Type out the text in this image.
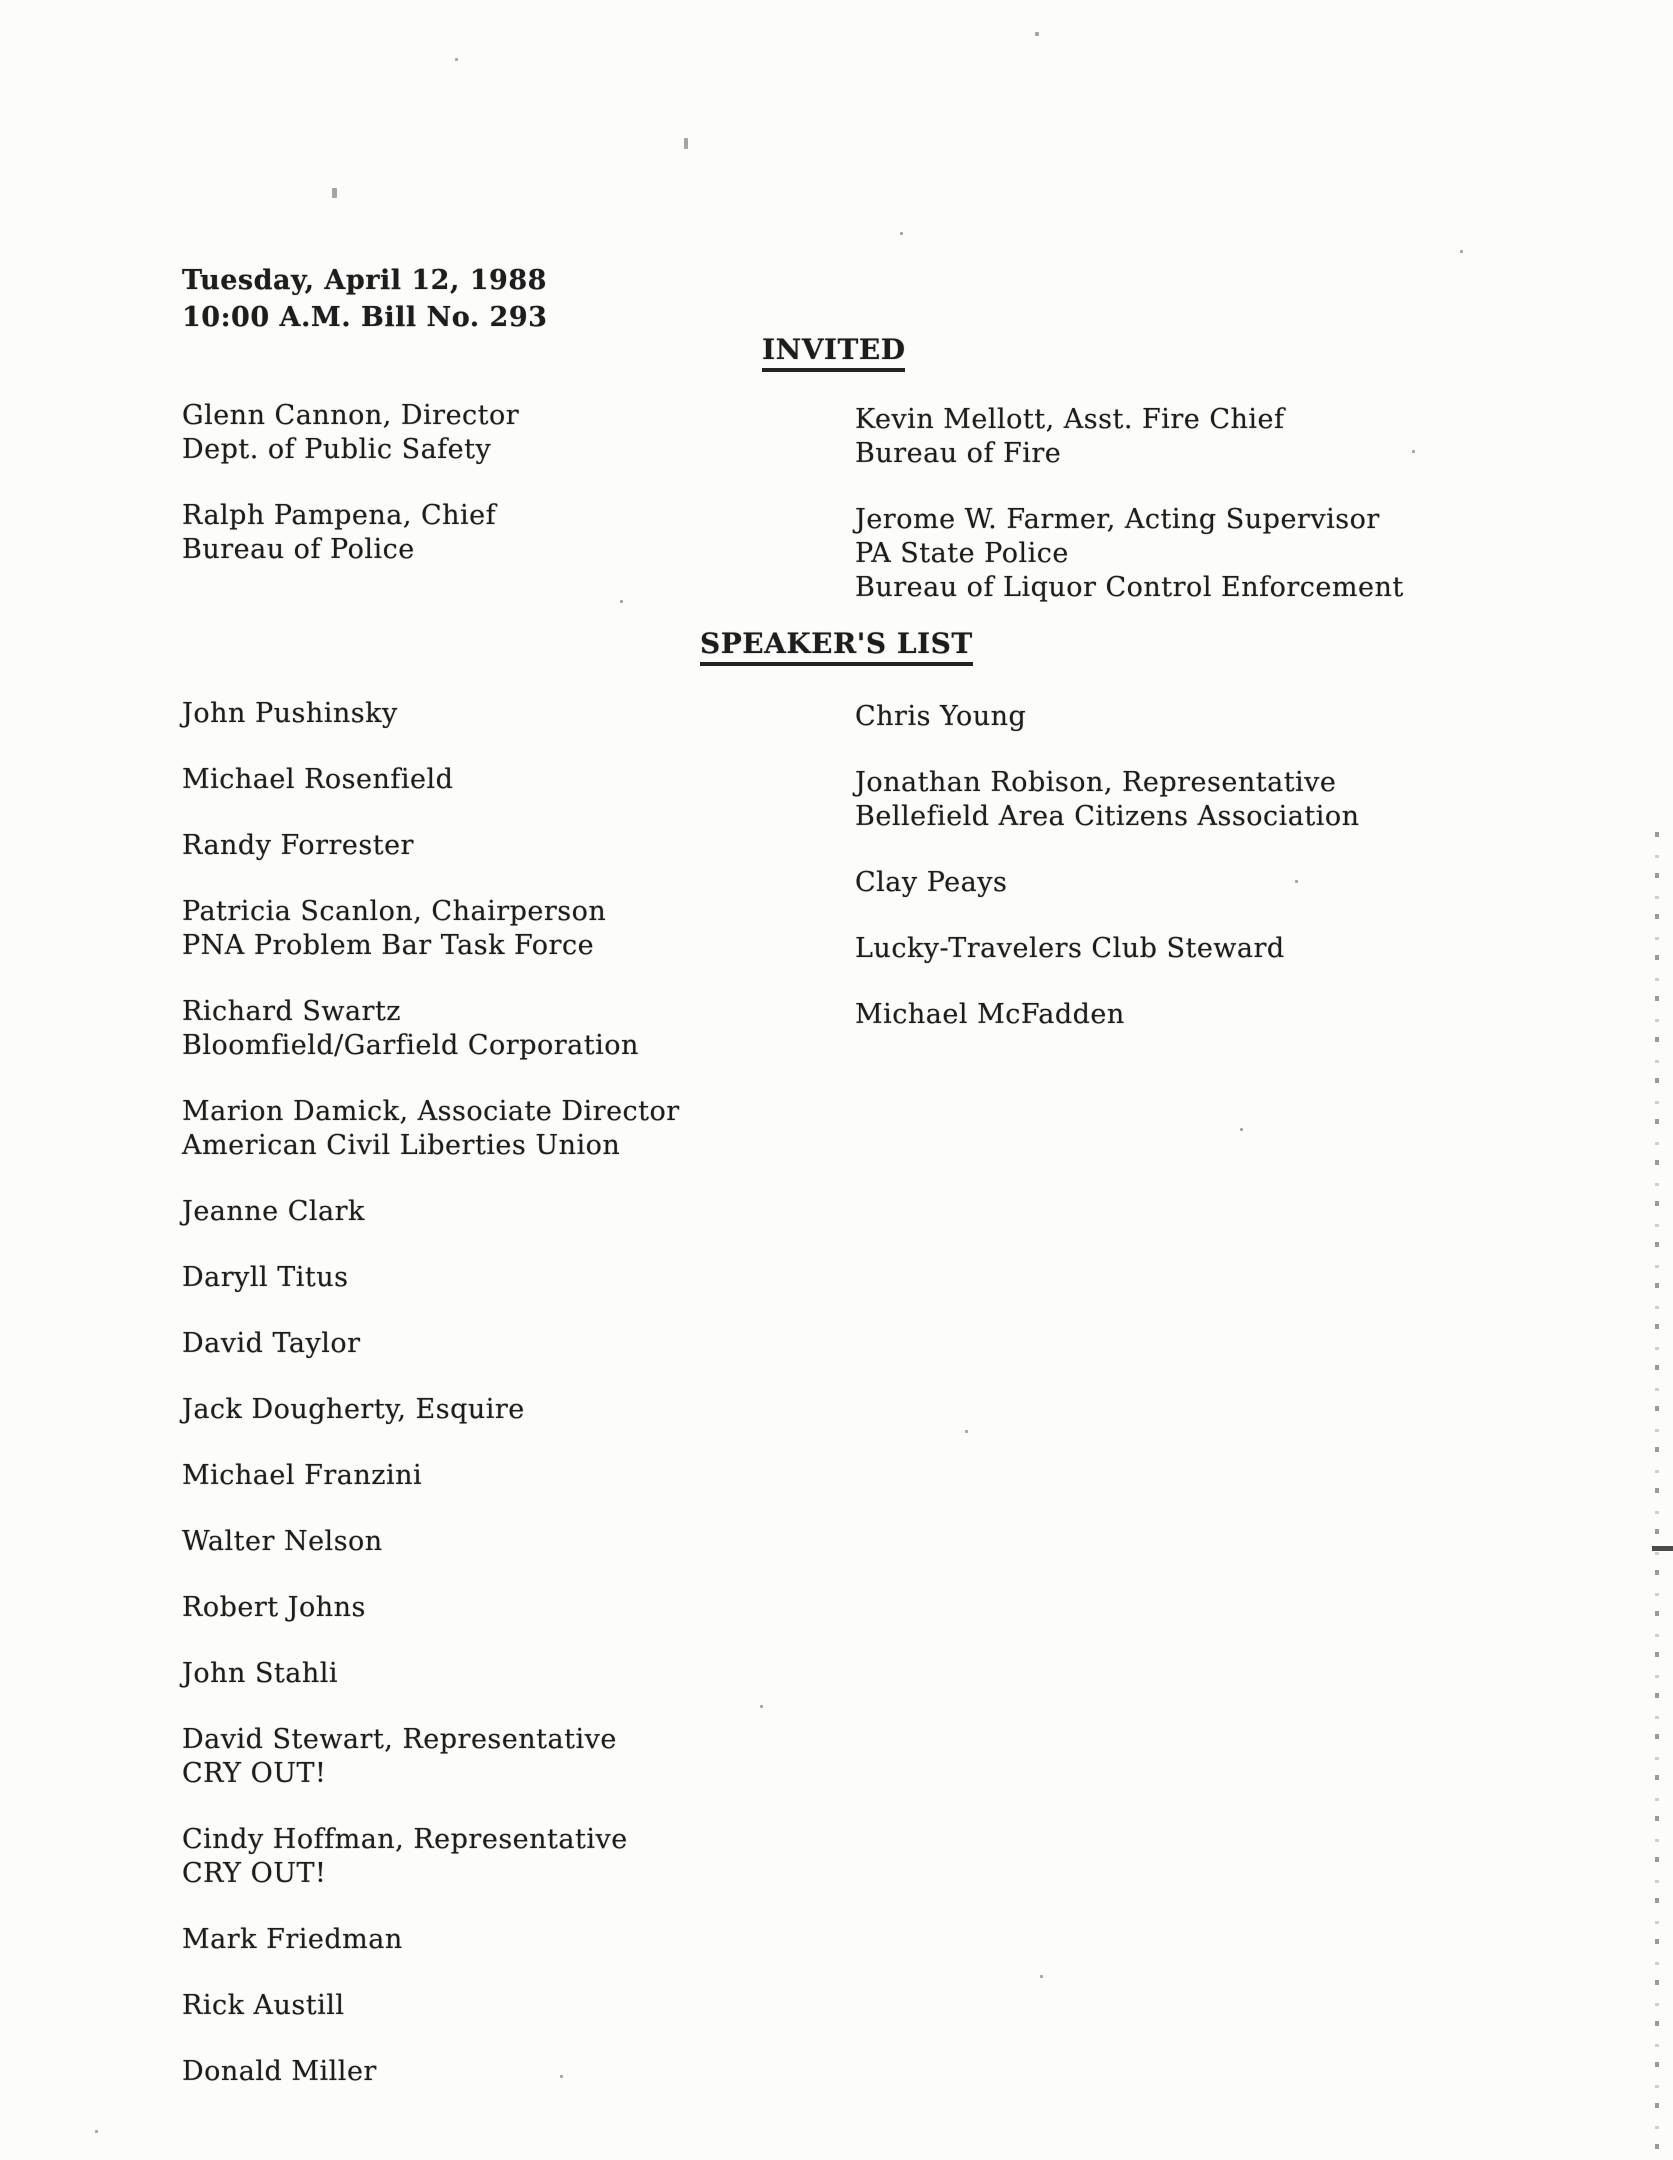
Tuesday, April 12, 1988
10:00 A.M. Bill No. 293
INVITED
Glenn Cannon, Director
Dept. of Public Safety
Ralph Pampena, Chief
Bureau of Police
Kevin Mellott, Asst. Fire Chief
Bureau of Fire
Jerome W. Farmer, Acting Supervisor
PA State Police
Bureau of Liquor Control Enforcement
SPEAKER'S LIST
John Pushinsky
Michael Rosenfield
Randy Forrester
Patricia Scanlon, Chairperson
PNA Problem Bar Task Force
Richard Swartz
Bloomfield/Garfield Corporation
Marion Damick, Associate Director
American Civil Liberties Union
Jeanne Clark
Daryll Titus
David Taylor
Jack Dougherty, Esquire
Michael Franzini
Walter Nelson
Robert Johns
John Stahli
David Stewart, Representative
CRY OUT!
Cindy Hoffman, Representative
CRY OUT!
Mark Friedman
Rick Austill
Donald Miller
Chris Young
Jonathan Robison, Representative
Bellefield Area Citizens Association
Clay Peays
Lucky-Travelers Club Steward
Michael McFadden
